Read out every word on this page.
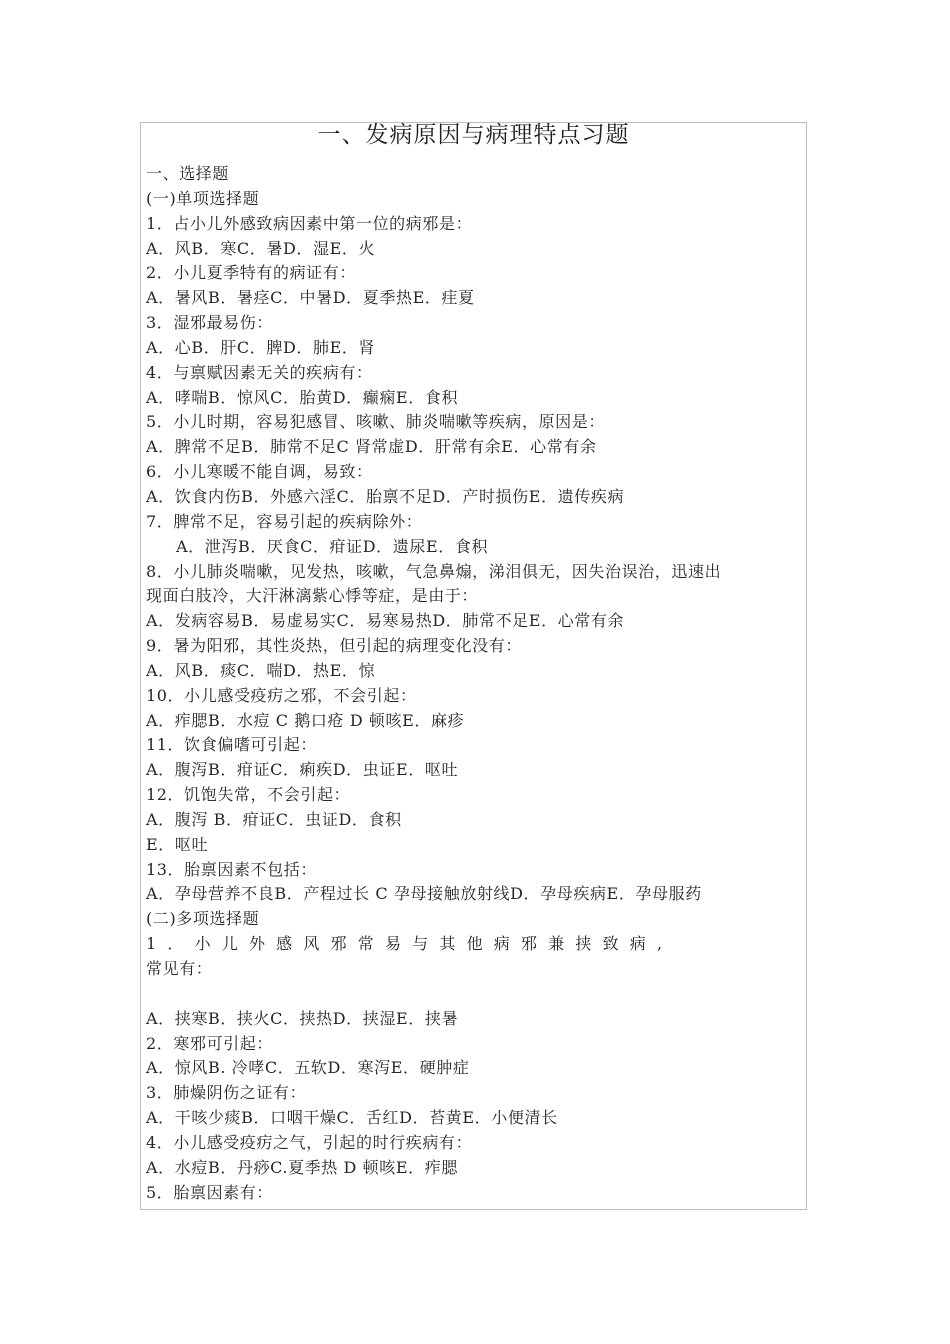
一、发病原因与病理特点习题
一、选择题
(一)单项选择题
1．占小儿外感致病因素中第一位的病邪是：
A．风B．寒C．暑D．湿E．火
2．小儿夏季特有的病证有：
A．暑风B．暑痉C．中暑D．夏季热E．疰夏
3．湿邪最易伤：
A．心B．肝C．脾D．肺E．肾
4．与禀赋因素无关的疾病有：
A．哮喘B．惊风C．胎黄D．癫痫E．食积
5．小儿时期，容易犯感冒、咳嗽、肺炎喘嗽等疾病，原因是：
A．脾常不足B．肺常不足C 肾常虚D．肝常有余E．心常有余
6．小儿寒暖不能自调，易致：
A．饮食内伤B．外感六淫C．胎禀不足D．产时损伤E．遗传疾病
7．脾常不足，容易引起的疾病除外：
A．泄泻B．厌食C．疳证D．遗尿E．食积
8．小儿肺炎喘嗽，见发热，咳嗽，气急鼻煽，涕泪俱无，因失治误治，迅速出
现面白肢冷，大汗淋漓紫心悸等症，是由于：
A．发病容易B．易虚易实C．易寒易热D．肺常不足E．心常有余
9．暑为阳邪，其性炎热，但引起的病理变化没有：
A．风B．痰C．喘D．热E．惊
10．小儿感受疫疠之邪，不会引起：
A．痄腮B．水痘 C 鹅口疮 D 顿咳E．麻疹
11．饮食偏嗜可引起：
A．腹泻B．疳证C．痢疾D．虫证E．呕吐
12．饥饱失常，不会引起：
A．腹泻 B．疳证C．虫证D．食积
E．呕吐
13．胎禀因素不包括：
A．孕母营养不良B．产程过长 C 孕母接触放射线D．孕母疾病E．孕母服药
(二)多项选择题
1．小儿外感风邪常易与其他病邪兼挟致病,
常见有：
A．挟寒B．挟火C．挟热D．挟湿E．挟暑
2．寒邪可引起：
A．惊风B. 冷哮C．五软D．寒泻E．硬肿症
3．肺燥阴伤之证有：
A．干咳少痰B．口咽干燥C．舌红D．苔黄E．小便清长
4．小儿感受疫疠之气，引起的时行疾病有：
A．水痘B．丹痧C.夏季热 D 顿咳E．痄腮
5．胎禀因素有：
